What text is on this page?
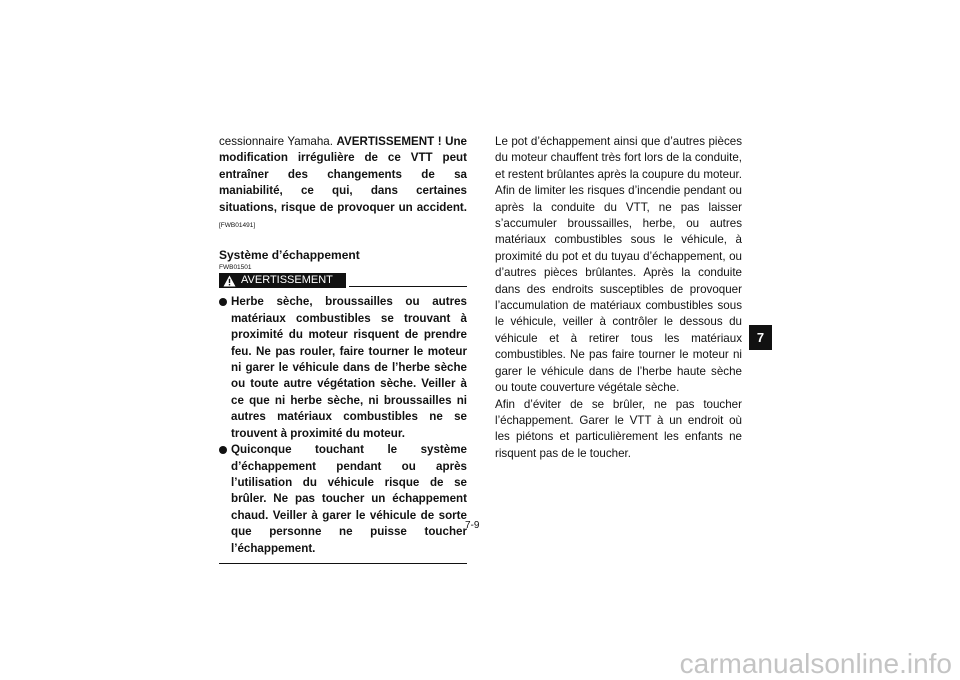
cessionnaire Yamaha. AVERTISSEMENT ! Une modification irrégulière de ce VTT peut entraîner des changements de sa maniabilité, ce qui, dans certaines situations, risque de provoquer un accident. [FWB01491]

Système d’échappement
FWB01501
AVERTISSEMENT
Herbe sèche, broussailles ou autres matériaux combustibles se trouvant à proximité du moteur risquent de prendre feu. Ne pas rouler, faire tourner le moteur ni garer le véhicule dans de l’herbe sèche ou toute autre végétation sèche. Veiller à ce que ni herbe sèche, ni broussailles ni autres matériaux combustibles ne se trouvent à proximité du moteur.
Quiconque touchant le système d’échappement pendant ou après l’utilisation du véhicule risque de se brûler. Ne pas toucher un échappement chaud. Veiller à garer le véhicule de sorte que personne ne puisse toucher l’échappement.

Le pot d’échappement ainsi que d’autres pièces du moteur chauffent très fort lors de la conduite, et restent brûlantes après la coupure du moteur. Afin de limiter les risques d’incendie pendant ou après la conduite du VTT, ne pas laisser s’accumuler broussailles, herbe, ou autres matériaux combustibles sous le véhicule, à proximité du pot et du tuyau d’échappement, ou d’autres pièces brûlantes. Après la conduite dans des endroits susceptibles de provoquer l’accumulation de matériaux combustibles sous le véhicule, veiller à contrôler le dessous du véhicule et à retirer tous les matériaux combustibles. Ne pas faire tourner le moteur ni garer le véhicule dans de l’herbe haute sèche ou toute couverture végétale sèche.

Afin d’éviter de se brûler, ne pas toucher l’échappement. Garer le VTT à un endroit où les piétons et particulièrement les enfants ne risquent pas de le toucher.

7-9
7
carmanualsonline.info
